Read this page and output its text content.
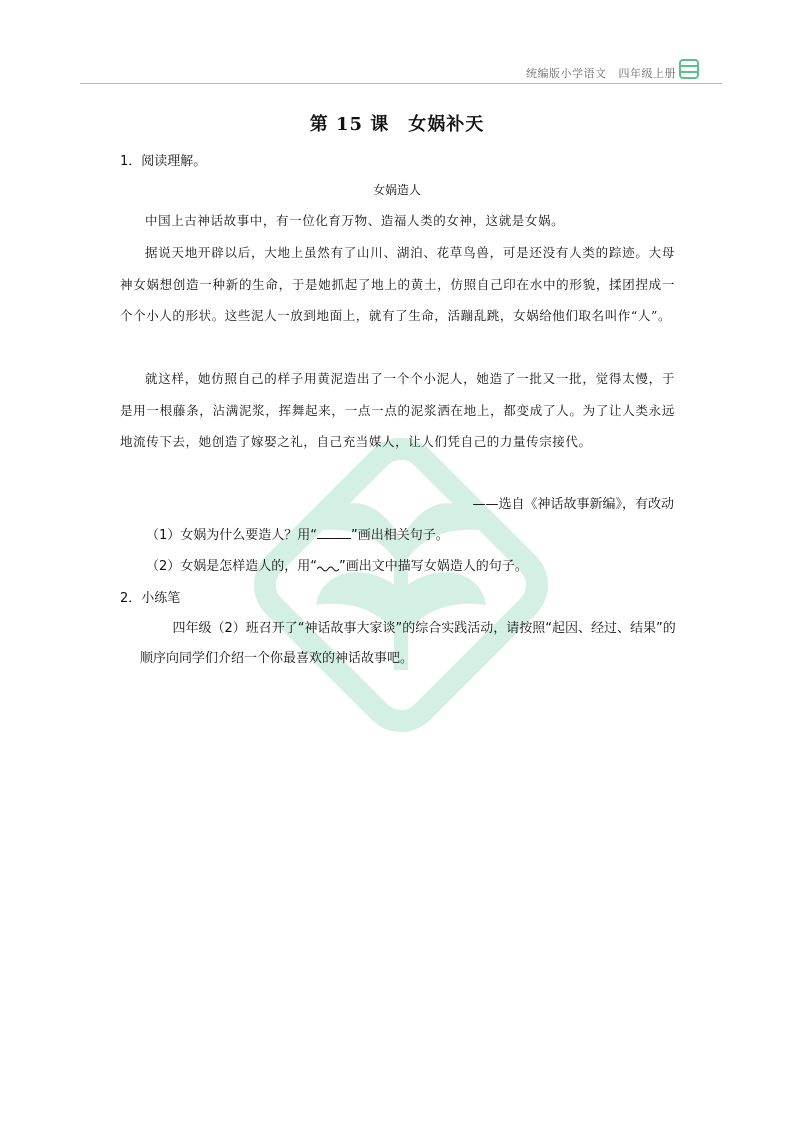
统编版小学语文 四年级上册
第 15 课　女娲补天
1．阅读理解。
女娲造人
中国上古神话故事中，有一位化育万物、造福人类的女神，这就是女娲。
据说天地开辟以后，大地上虽然有了山川、湖泊、花草鸟兽，可是还没有人类的踪迹。大母神女娲想创造一种新的生命，于是她抓起了地上的黄土，仿照自己印在水中的形貌，揉团捏成一个个小人的形状。这些泥人一放到地面上，就有了生命，活蹦乱跳，女娲给他们取名叫作“人”。
就这样，她仿照自己的样子用黄泥造出了一个个小泥人，她造了一批又一批，觉得太慢，于是用一根藤条，沾满泥浆，挥舞起来，一点一点的泥浆洒在地上，都变成了人。为了让人类永远地流传下去，她创造了嫁娶之礼，自己充当媒人，让人们凭自己的力量传宗接代。
——选自《神话故事新编》，有改动
（1）女娲为什么要造人？用“	”画出相关句子。
（2）女娲是怎样造人的，用“ ”画出文中描写女娲造人的句子。
2．小练笔
四年级（2）班召开了“神话故事大家谈”的综合实践活动，请按照“起因、经过、结果”的顺序向同学们介绍一个你最喜欢的神话故事吧。
